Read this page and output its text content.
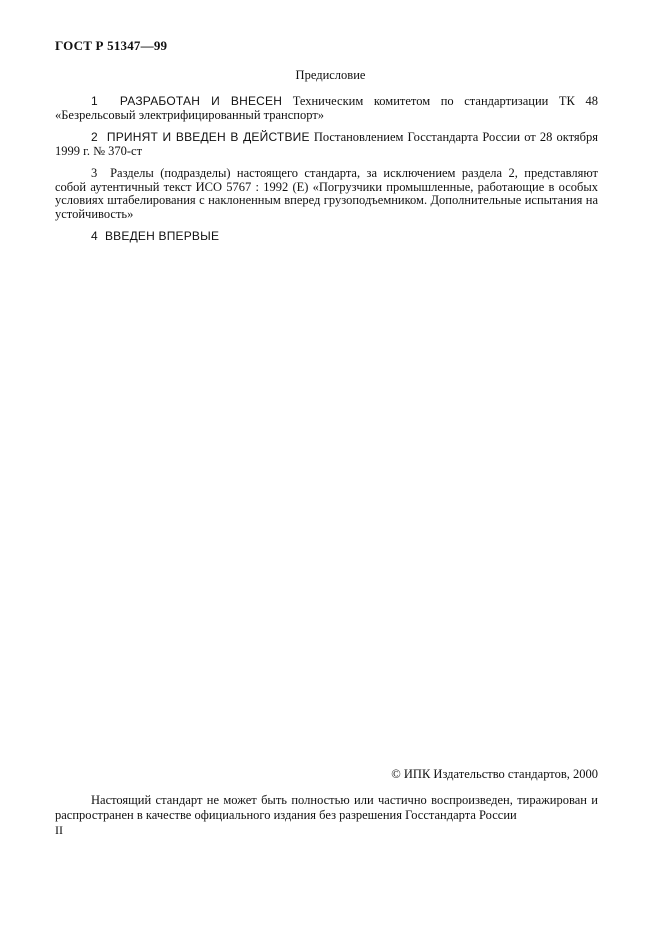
ГОСТ Р 51347—99
Предисловие
1 РАЗРАБОТАН И ВНЕСЕН Техническим комитетом по стандартизации ТК 48 «Безрельсовый электрифицированный транспорт»
2 ПРИНЯТ И ВВЕДЕН В ДЕЙСТВИЕ Постановлением Госстандарта России от 28 октября 1999 г. № 370-ст
3 Разделы (подразделы) настоящего стандарта, за исключением раздела 2, представляют собой аутентичный текст ИСО 5767 : 1992 (Е) «Погрузчики промышленные, работающие в особых условиях штабелирования с наклоненным вперед грузоподъемником. Дополнительные испытания на устойчивость»
4 ВВЕДЕН ВПЕРВЫЕ
© ИПК Издательство стандартов, 2000
Настоящий стандарт не может быть полностью или частично воспроизведен, тиражирован и распространен в качестве официального издания без разрешения Госстандарта России
II
